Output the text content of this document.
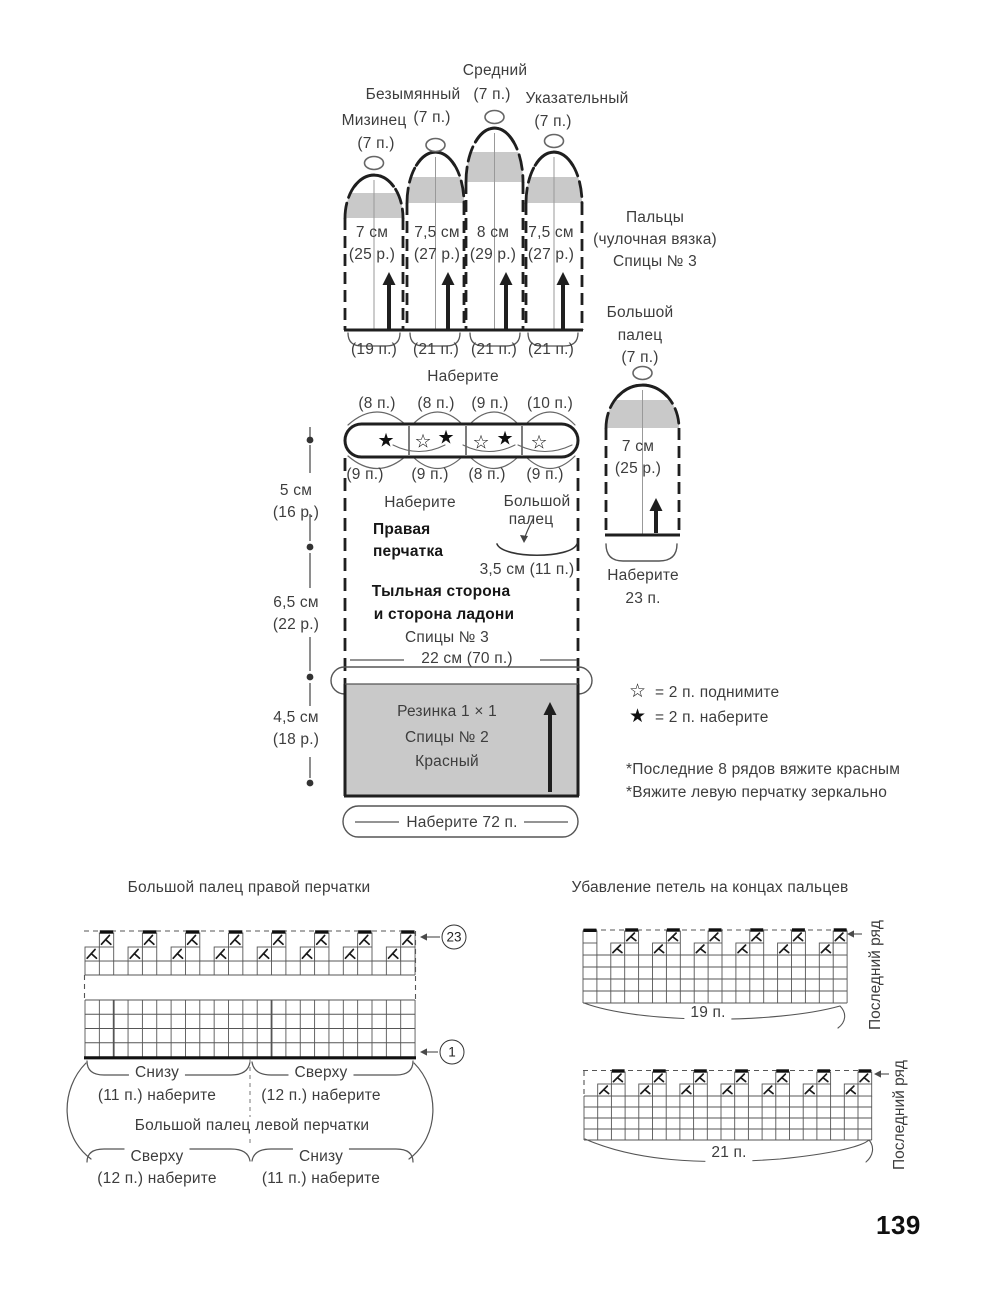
Мизинец
(7 п.)
Безымянный
(7 п.)
Средний
(7 п.) Указательный
(7 п.)
7 см
(25 р.)
7,5 см
(27 р.)
8 см
(29 р.)
7,5 см
(27 р.)
(19 п.) (21 п.) (21 п.) (21 п.)
Наберите
Пальцы
(чулочная вязка)
Спицы № 3
(8 п.) (8 п.) (9 п.) (10 п.)
★ ☆ ★ ☆ ★ ☆
(9 п.) (9 п.) (8 п.) (9 п.)
Наберите
Правая
перчатка
Большой
палец
3,5 см (11 п.)
Тыльная сторона
и сторона ладони
Спицы № 3
22 см (70 п.)
Резинка 1 × 1
Спицы № 2
Красный
Наберите 72 п.
5 см
(16 р.)
6,5 см
(22 р.)
4,5 см
(18 р.)
Большой
палец
(7 п.)
7 см
(25 р.)
Наберите
23 п.
☆ = 2 п. поднимите
★ = 2 п. наберите
*Последние 8 рядов вяжите красным
*Вяжите левую перчатку зеркально
Большой палец правой перчатки
23
1
Снизу
(11 п.) наберите
Сверху
(12 п.) наберите
Большой палец левой перчатки
Сверху
(12 п.) наберите
Снизу
(11 п.) наберите
Убавление петель на концах пальцев
19 п.	Последний ряд
21 п.	Последний ряд
139
